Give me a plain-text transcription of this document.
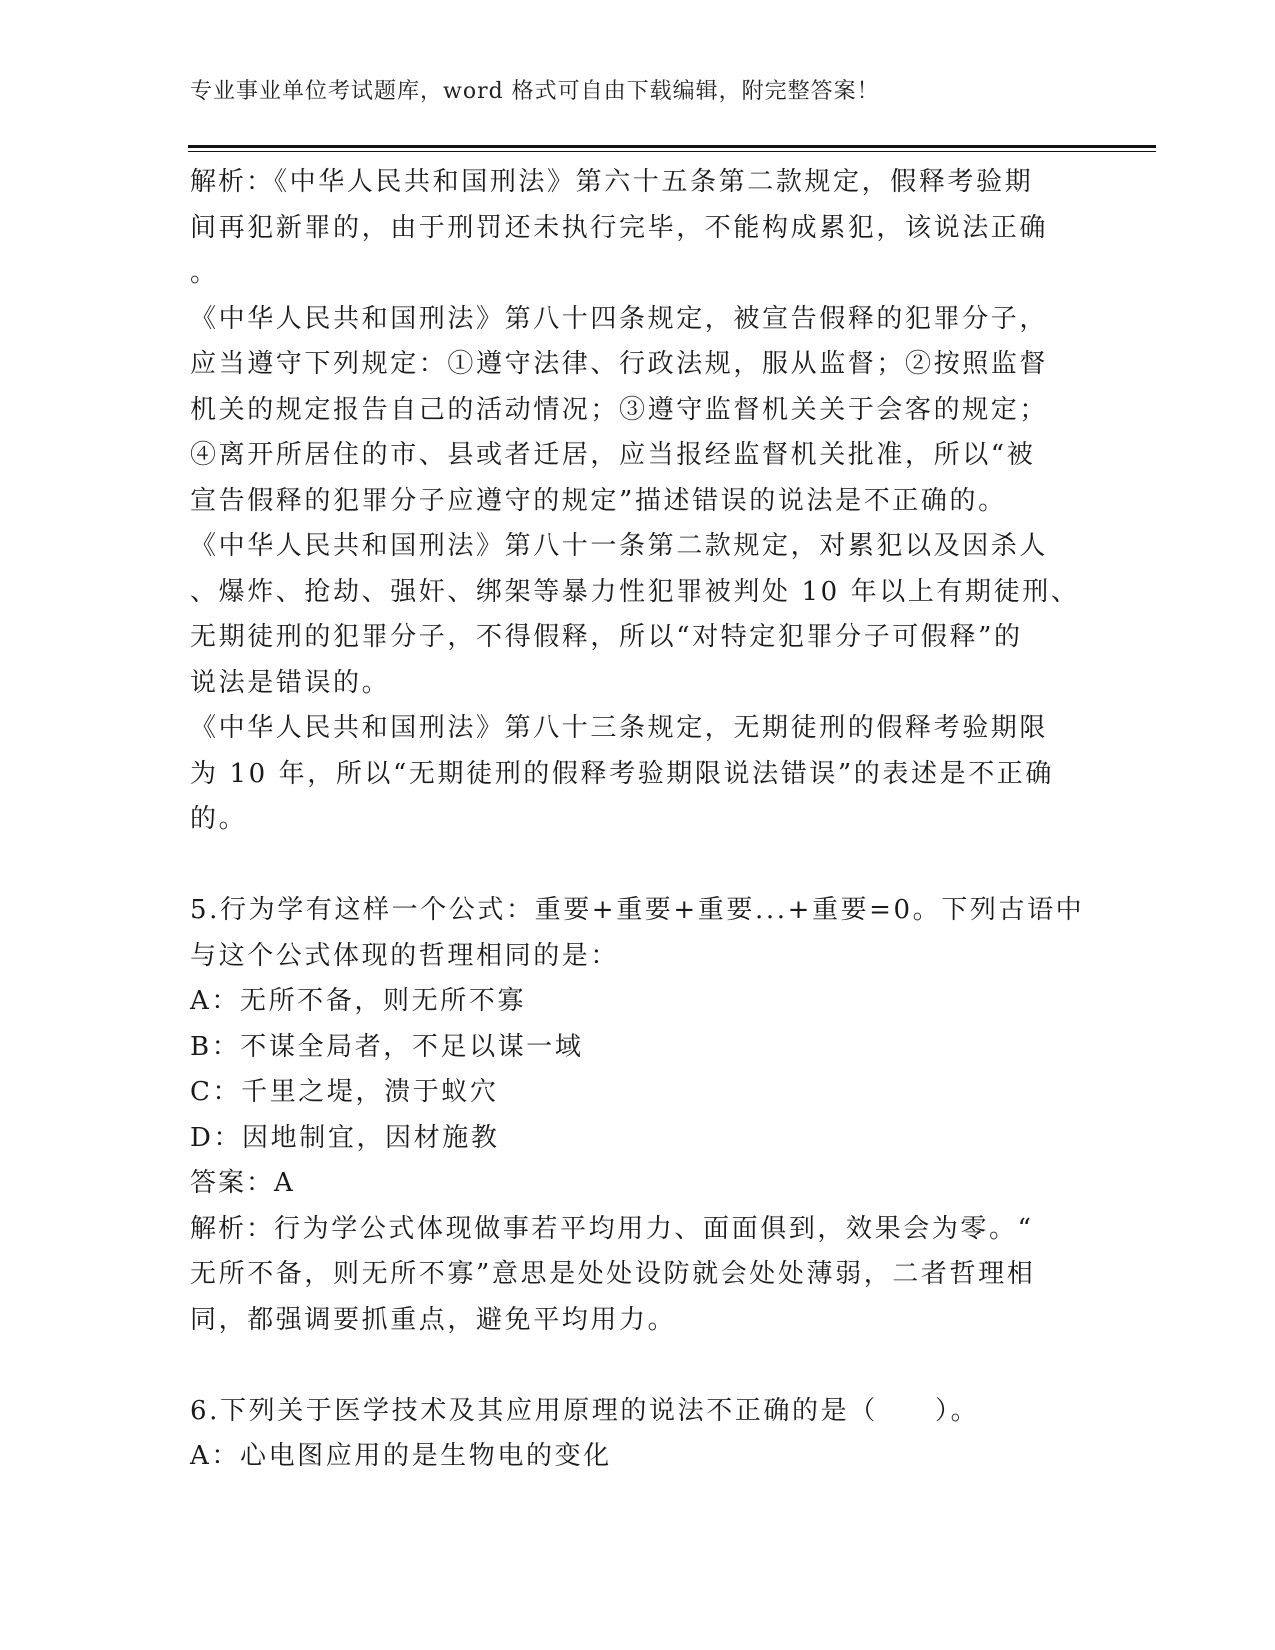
专业事业单位考试题库，word 格式可自由下载编辑，附完整答案！
解析：《中华人民共和国刑法》第六十五条第二款规定，假释考验期
间再犯新罪的，由于刑罚还未执行完毕，不能构成累犯，该说法正确
。
《中华人民共和国刑法》第八十四条规定，被宣告假释的犯罪分子，
应当遵守下列规定：①遵守法律、行政法规，服从监督；②按照监督
机关的规定报告自己的活动情况；③遵守监督机关关于会客的规定；
④离开所居住的市、县或者迁居，应当报经监督机关批准，所以“被
宣告假释的犯罪分子应遵守的规定”描述错误的说法是不正确的。
《中华人民共和国刑法》第八十一条第二款规定，对累犯以及因杀人
、爆炸、抢劫、强奸、绑架等暴力性犯罪被判处 10 年以上有期徒刑、
无期徒刑的犯罪分子，不得假释，所以“对特定犯罪分子可假释”的
说法是错误的。
《中华人民共和国刑法》第八十三条规定，无期徒刑的假释考验期限
为 10 年，所以“无期徒刑的假释考验期限说法错误”的表述是不正确
的。
5.行为学有这样一个公式：重要+重要+重要...+重要=0。下列古语中
与这个公式体现的哲理相同的是：
A：无所不备，则无所不寡
B：不谋全局者，不足以谋一域
C：千里之堤，溃于蚁穴
D：因地制宜，因材施教
答案：A
解析：行为学公式体现做事若平均用力、面面俱到，效果会为零。“
无所不备，则无所不寡”意思是处处设防就会处处薄弱，二者哲理相
同，都强调要抓重点，避免平均用力。
6.下列关于医学技术及其应用原理的说法不正确的是（　　）。
A：心电图应用的是生物电的变化
